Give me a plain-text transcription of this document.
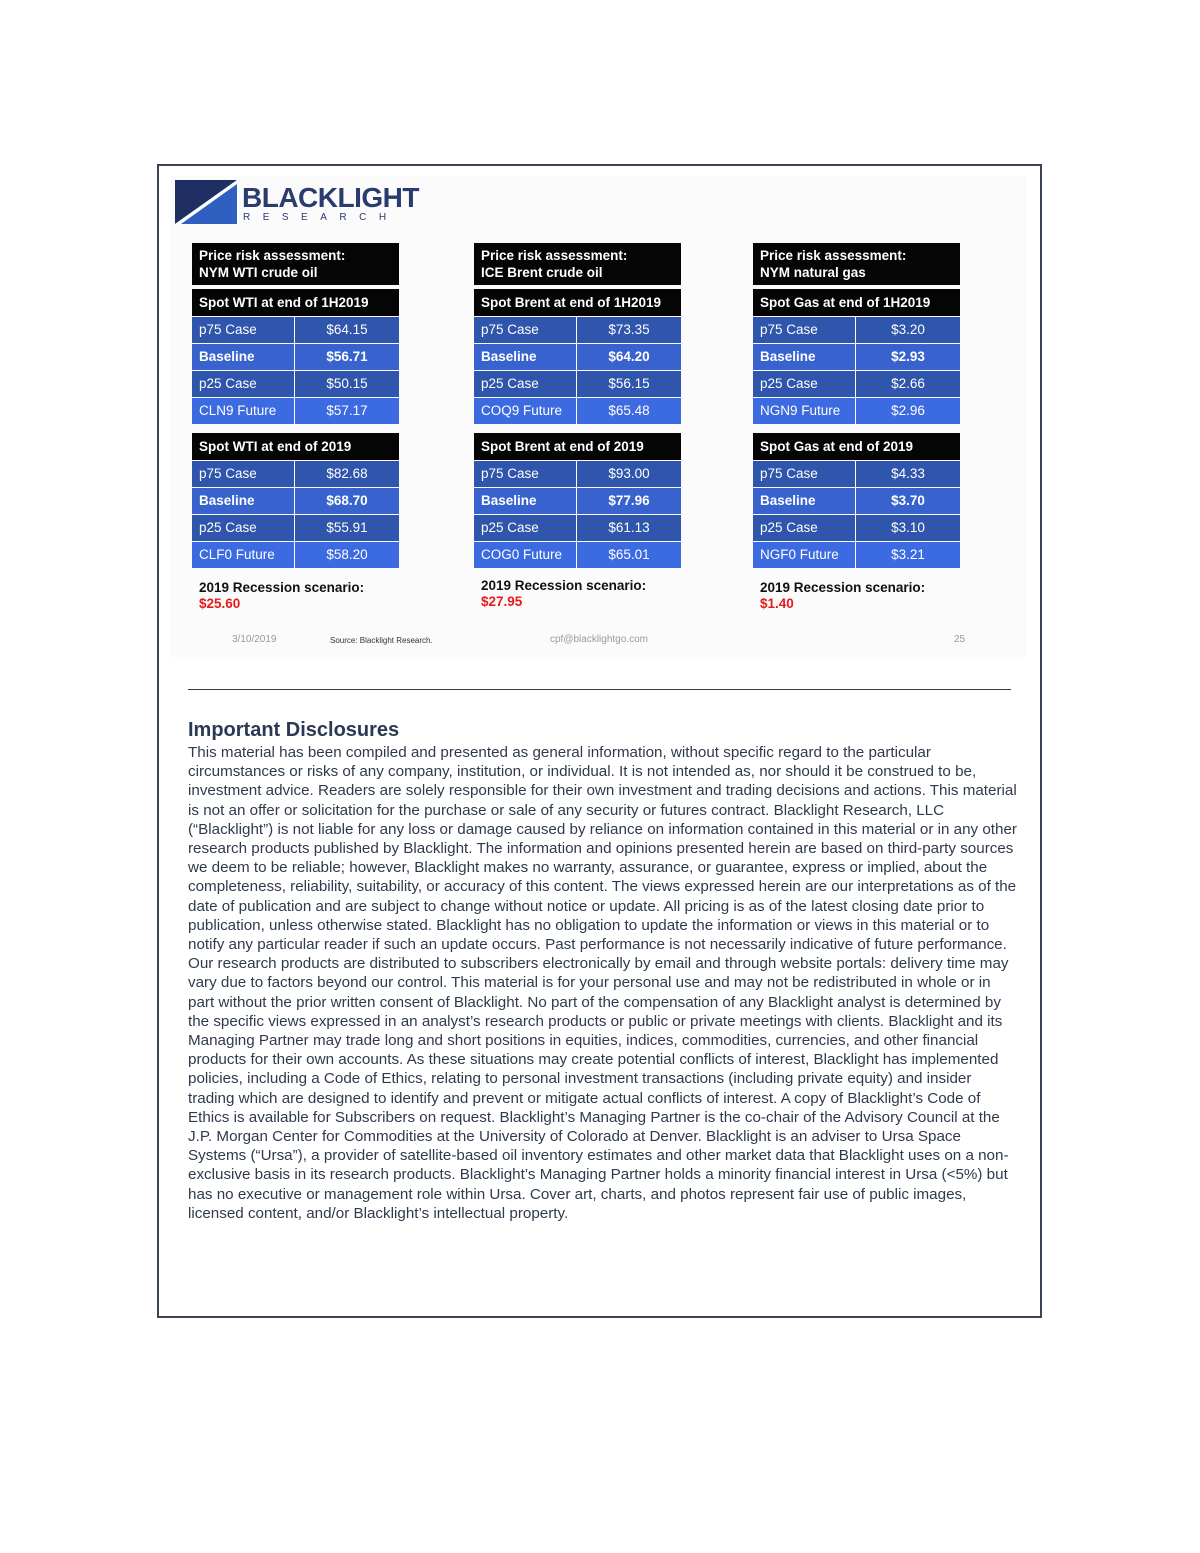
BLACKLIGHT
RESEARCH
Price risk assessment:
NYM WTI crude oil
Spot WTI at end of 1H2019
p75 Case	$64.15
Baseline	$56.71
p25 Case	$50.15
CLN9 Future	$57.17
Spot WTI at end of 2019
p75 Case	$82.68
Baseline	$68.70
p25 Case	$55.91
CLF0 Future	$58.20
2019 Recession scenario:
$25.60
Price risk assessment:
ICE Brent crude oil
Spot Brent at end of 1H2019
p75 Case	$73.35
Baseline	$64.20
p25 Case	$56.15
COQ9 Future	$65.48
Spot Brent at end of 2019
p75 Case	$93.00
Baseline	$77.96
p25 Case	$61.13
COG0 Future	$65.01
2019 Recession scenario:
$27.95
Price risk assessment:
NYM natural gas
Spot Gas at end of 1H2019
p75 Case	$3.20
Baseline	$2.93
p25 Case	$2.66
NGN9 Future	$2.96
Spot Gas at end of 2019
p75 Case	$4.33
Baseline	$3.70
p25 Case	$3.10
NGF0 Future	$3.21
2019 Recession scenario:
$1.40
3/10/2019	Source: Blacklight Research.	cpf@blacklightgo.com	25
Important Disclosures
This material has been compiled and presented as general information, without specific regard to the particular circumstances or risks of any company, institution, or individual. It is not intended as, nor should it be construed to be, investment advice. Readers are solely responsible for their own investment and trading decisions and actions. This material is not an offer or solicitation for the purchase or sale of any security or futures contract. Blacklight Research, LLC (“Blacklight”) is not liable for any loss or damage caused by reliance on information contained in this material or in any other research products published by Blacklight. The information and opinions presented herein are based on third-party sources we deem to be reliable; however, Blacklight makes no warranty, assurance, or guarantee, express or implied, about the completeness, reliability, suitability, or accuracy of this content. The views expressed herein are our interpretations as of the date of publication and are subject to change without notice or update. All pricing is as of the latest closing date prior to publication, unless otherwise stated. Blacklight has no obligation to update the information or views in this material or to notify any particular reader if such an update occurs. Past performance is not necessarily indicative of future performance. Our research products are distributed to subscribers electronically by email and through website portals: delivery time may vary due to factors beyond our control. This material is for your personal use and may not be redistributed in whole or in part without the prior written consent of Blacklight. No part of the compensation of any Blacklight analyst is determined by the specific views expressed in an analyst’s research products or public or private meetings with clients. Blacklight and its Managing Partner may trade long and short positions in equities, indices, commodities, currencies, and other financial products for their own accounts. As these situations may create potential conflicts of interest, Blacklight has implemented policies, including a Code of Ethics, relating to personal investment transactions (including private equity) and insider trading which are designed to identify and prevent or mitigate actual conflicts of interest. A copy of Blacklight’s Code of Ethics is available for Subscribers on request. Blacklight’s Managing Partner is the co-chair of the Advisory Council at the J.P. Morgan Center for Commodities at the University of Colorado at Denver. Blacklight is an adviser to Ursa Space Systems (“Ursa”), a provider of satellite-based oil inventory estimates and other market data that Blacklight uses on a non-exclusive basis in its research products. Blacklight’s Managing Partner holds a minority financial interest in Ursa (<5%) but has no executive or management role within Ursa. Cover art, charts, and photos represent fair use of public images, licensed content, and/or Blacklight’s intellectual property.
